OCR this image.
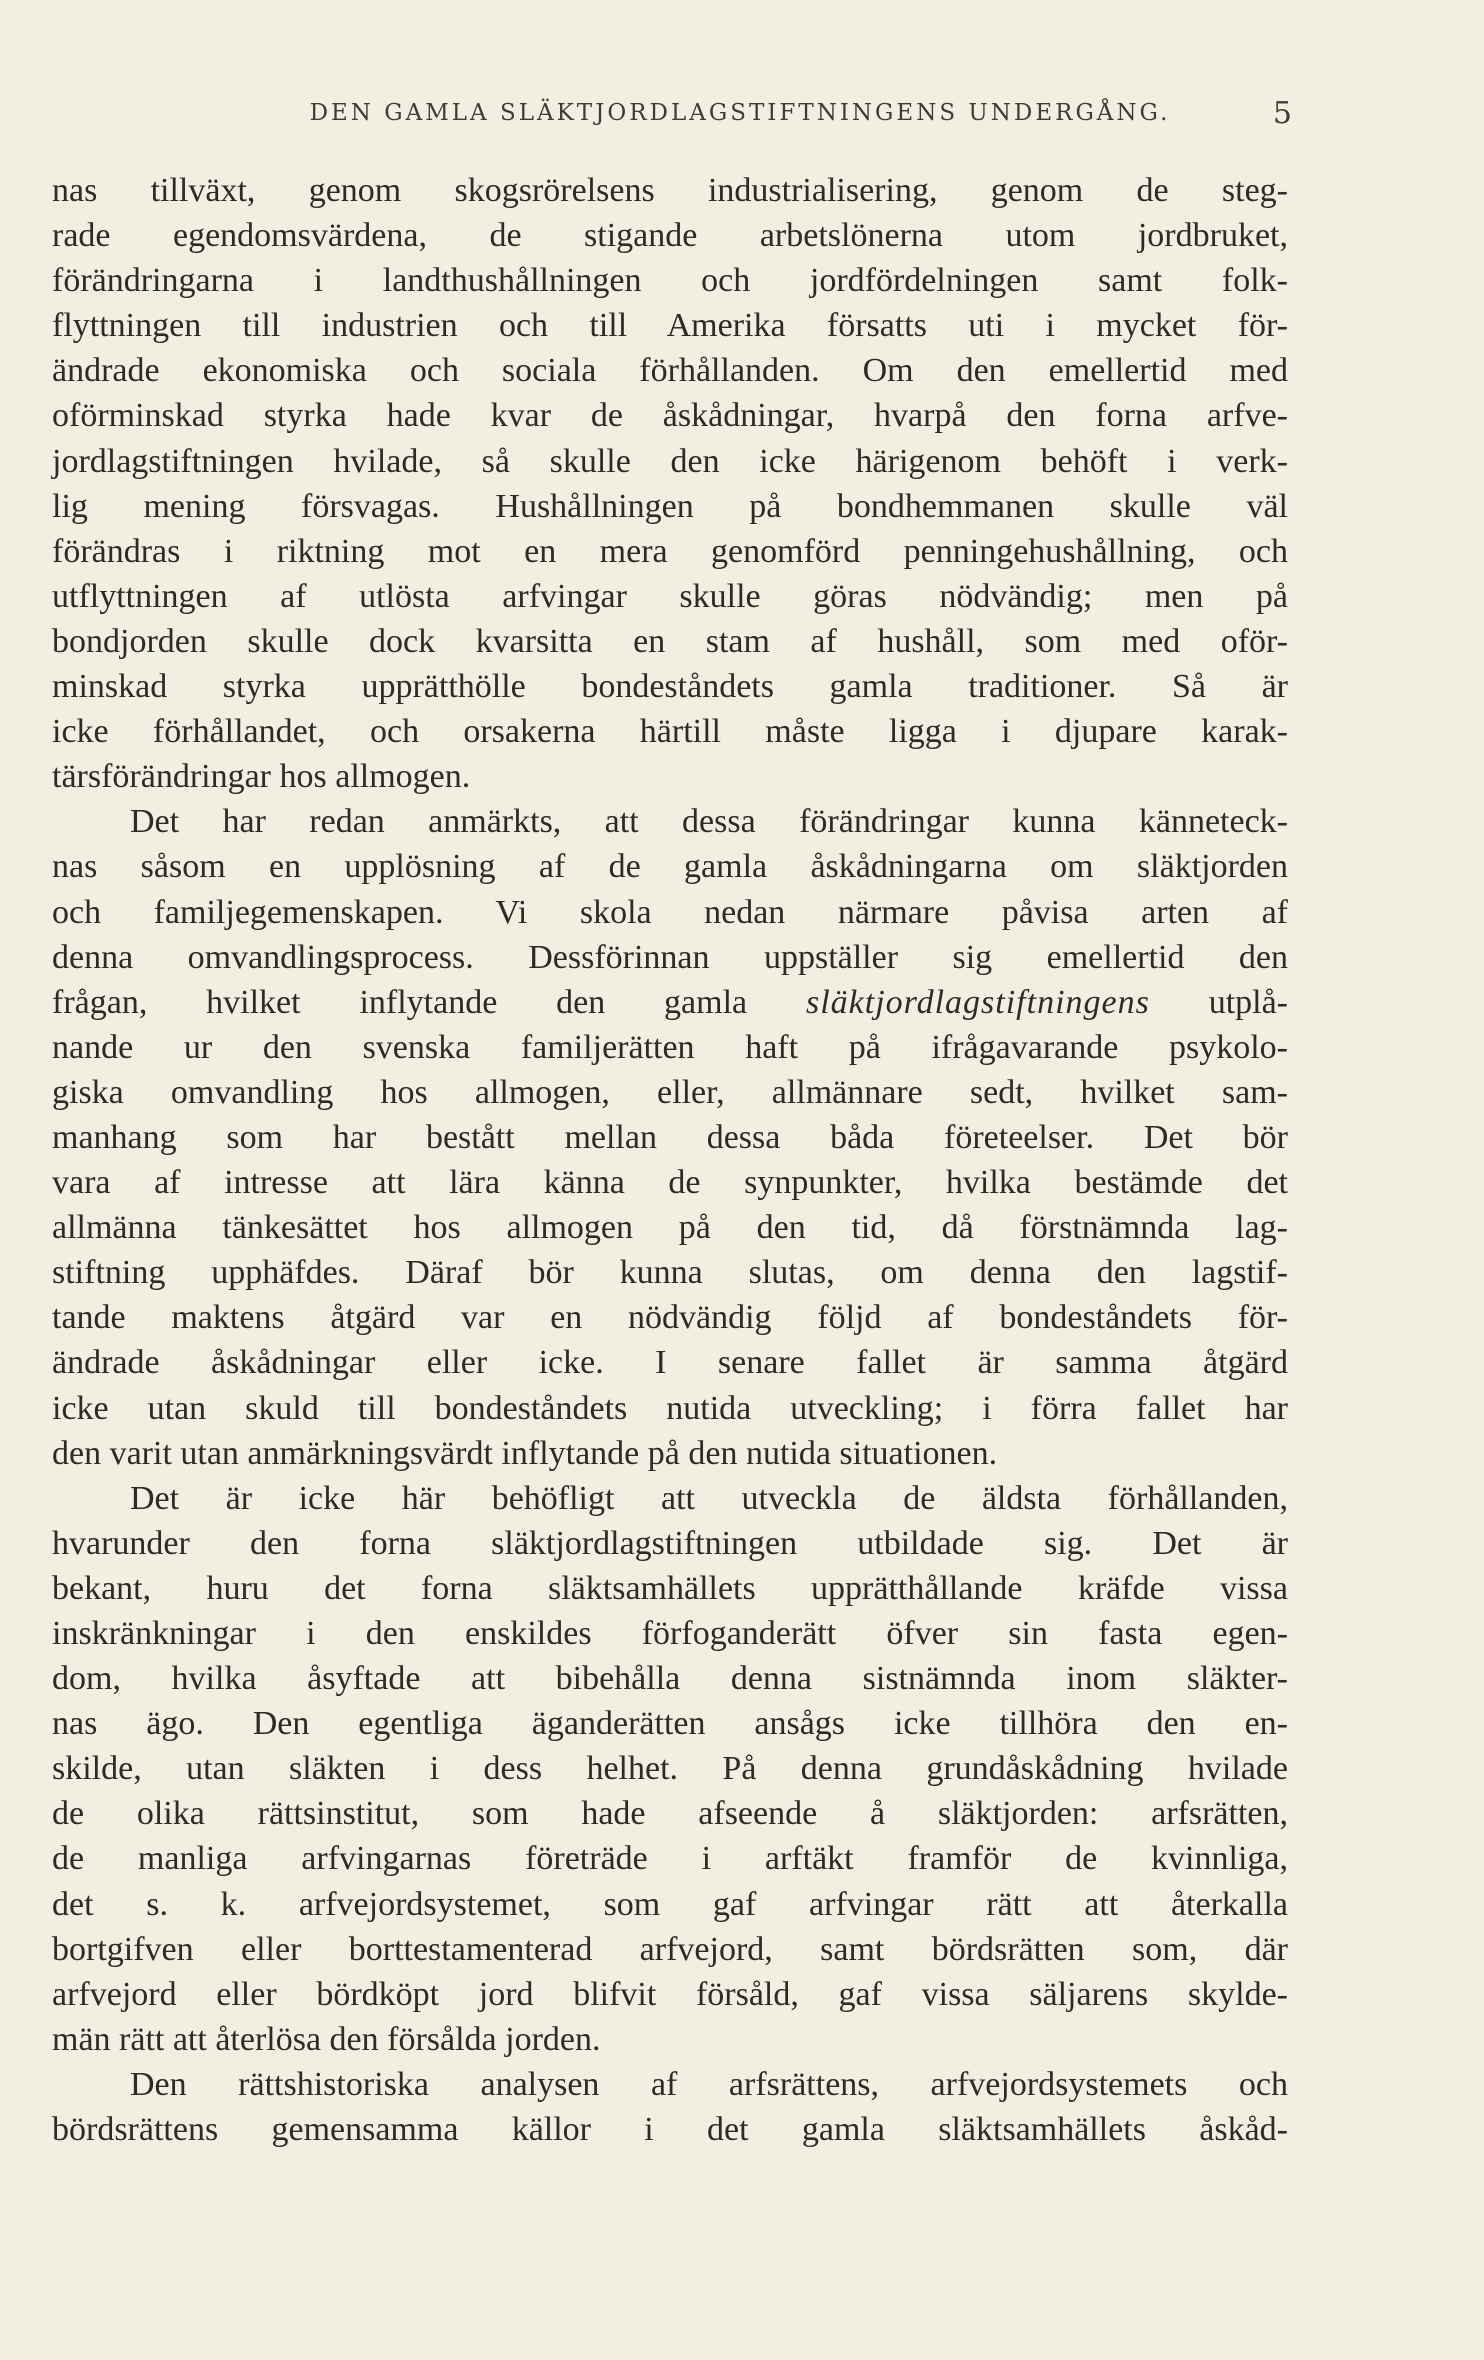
DEN GAMLA SLÄKTJORDLAGSTIFTNINGENS UNDERGÅNG.	5
nas tillväxt, genom skogsrörelsens industrialisering, genom de steg-
rade egendomsvärdena, de stigande arbetslönerna utom jordbruket,
förändringarna i landthushållningen och jordfördelningen samt folk-
flyttningen till industrien och till Amerika försatts uti i mycket för-
ändrade ekonomiska och sociala förhållanden. Om den emellertid med
oförminskad styrka hade kvar de åskådningar, hvarpå den forna arfve-
jordlagstiftningen hvilade, så skulle den icke härigenom behöft i verk-
lig mening försvagas. Hushållningen på bondhemmanen skulle väl
förändras i riktning mot en mera genomförd penningehushållning, och
utflyttningen af utlösta arfvingar skulle göras nödvändig; men på
bondjorden skulle dock kvarsitta en stam af hushåll, som med oför-
minskad styrka upprätthölle bondeståndets gamla traditioner. Så är
icke förhållandet, och orsakerna härtill måste ligga i djupare karak-
tärsförändringar hos allmogen.
Det har redan anmärkts, att dessa förändringar kunna känneteck-
nas såsom en upplösning af de gamla åskådningarna om släktjorden
och familjegemenskapen. Vi skola nedan närmare påvisa arten af
denna omvandlingsprocess. Dessförinnan uppställer sig emellertid den
frågan, hvilket inflytande den gamla släktjordlagstiftningens utplå-
nande ur den svenska familjerätten haft på ifrågavarande psykolo-
giska omvandling hos allmogen, eller, allmännare sedt, hvilket sam-
manhang som har bestått mellan dessa båda företeelser. Det bör
vara af intresse att lära känna de synpunkter, hvilka bestämde det
allmänna tänkesättet hos allmogen på den tid, då förstnämnda lag-
stiftning upphäfdes. Däraf bör kunna slutas, om denna den lagstif-
tande maktens åtgärd var en nödvändig följd af bondeståndets för-
ändrade åskådningar eller icke. I senare fallet är samma åtgärd
icke utan skuld till bondeståndets nutida utveckling; i förra fallet har
den varit utan anmärkningsvärdt inflytande på den nutida situationen.
Det är icke här behöfligt att utveckla de äldsta förhållanden,
hvarunder den forna släktjordlagstiftningen utbildade sig. Det är
bekant, huru det forna släktsamhällets upprätthållande kräfde vissa
inskränkningar i den enskildes förfoganderätt öfver sin fasta egen-
dom, hvilka åsyftade att bibehålla denna sistnämnda inom släkter-
nas ägo. Den egentliga äganderätten ansågs icke tillhöra den en-
skilde, utan släkten i dess helhet. På denna grundåskådning hvilade
de olika rättsinstitut, som hade afseende å släktjorden: arfsrätten,
de manliga arfvingarnas företräde i arftäkt framför de kvinnliga,
det s. k. arfvejordsystemet, som gaf arfvingar rätt att återkalla
bortgifven eller borttestamenterad arfvejord, samt bördsrätten som, där
arfvejord eller bördköpt jord blifvit försåld, gaf vissa säljarens skylde-
män rätt att återlösa den försålda jorden.
Den rättshistoriska analysen af arfsrättens, arfvejordsystemets och
bördsrättens gemensamma källor i det gamla släktsamhällets åskåd-
